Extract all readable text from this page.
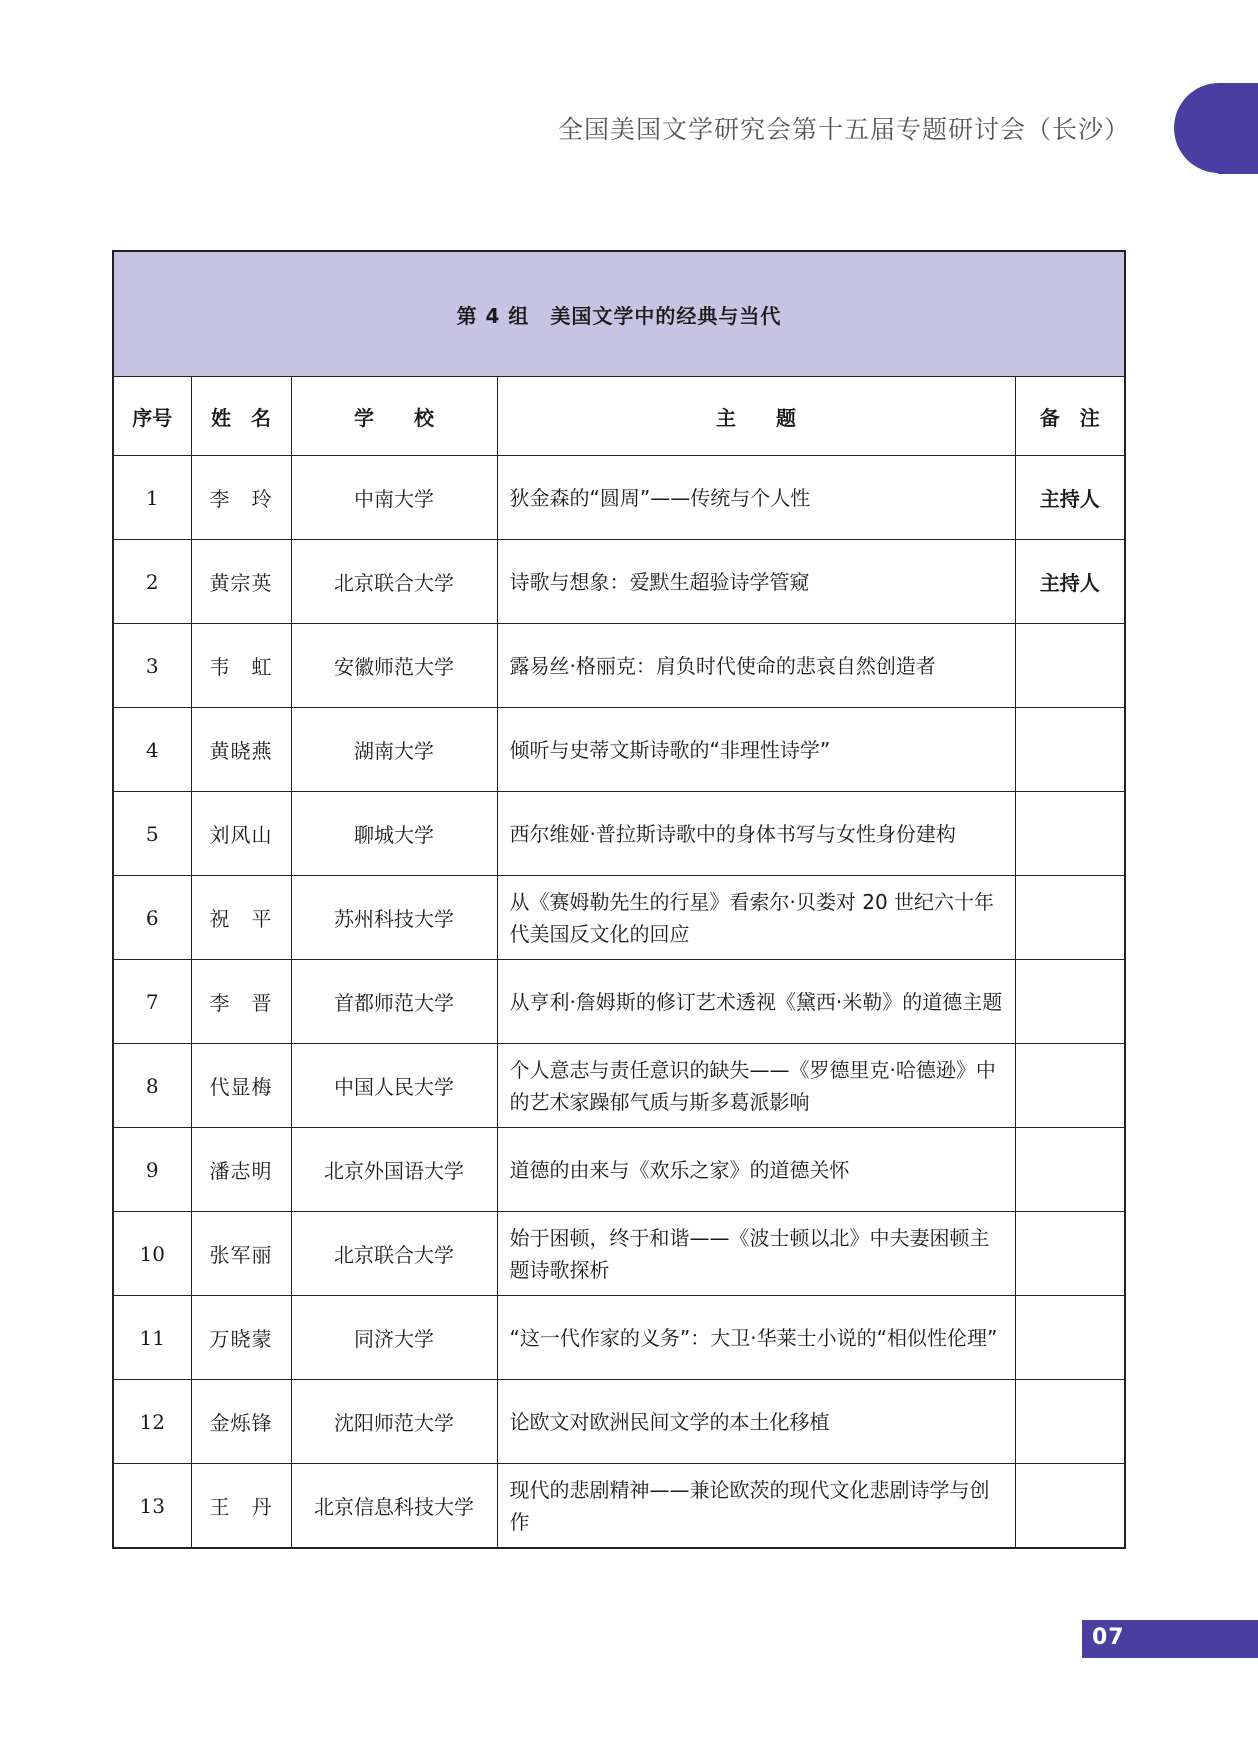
全国美国文学研究会第十五届专题研讨会（长沙）
第 4 组　美国文学中的经典与当代				
序号	姓　名	学　　校	主　　题	备　注
1	李　玲	中南大学	狄金森的“圆周”——传统与个人性	主持人
2	黄宗英	北京联合大学	诗歌与想象：爱默生超验诗学管窥	主持人
3	韦　虹	安徽师范大学	露易丝·格丽克：肩负时代使命的悲哀自然创造者	
4	黄晓燕	湖南大学	倾听与史蒂文斯诗歌的“非理性诗学”	
5	刘风山	聊城大学	西尔维娅·普拉斯诗歌中的身体书写与女性身份建构	
6	祝　平	苏州科技大学	从《赛姆勒先生的行星》看索尔·贝娄对 20 世纪六十年代美国反文化的回应	
7	李　晋	首都师范大学	从亨利·詹姆斯的修订艺术透视《黛西·米勒》的道德主题	
8	代显梅	中国人民大学	个人意志与责任意识的缺失——《罗德里克·哈德逊》中的艺术家躁郁气质与斯多葛派影响	
9	潘志明	北京外国语大学	道德的由来与《欢乐之家》的道德关怀	
10	张军丽	北京联合大学	始于困顿，终于和谐——《波士顿以北》中夫妻困顿主题诗歌探析	
11	万晓蒙	同济大学	“这一代作家的义务”：大卫·华莱士小说的“相似性伦理”	
12	金烁锋	沈阳师范大学	论欧文对欧洲民间文学的本土化移植	
13	王　丹	北京信息科技大学	现代的悲剧精神——兼论欧茨的现代文化悲剧诗学与创作	
07
